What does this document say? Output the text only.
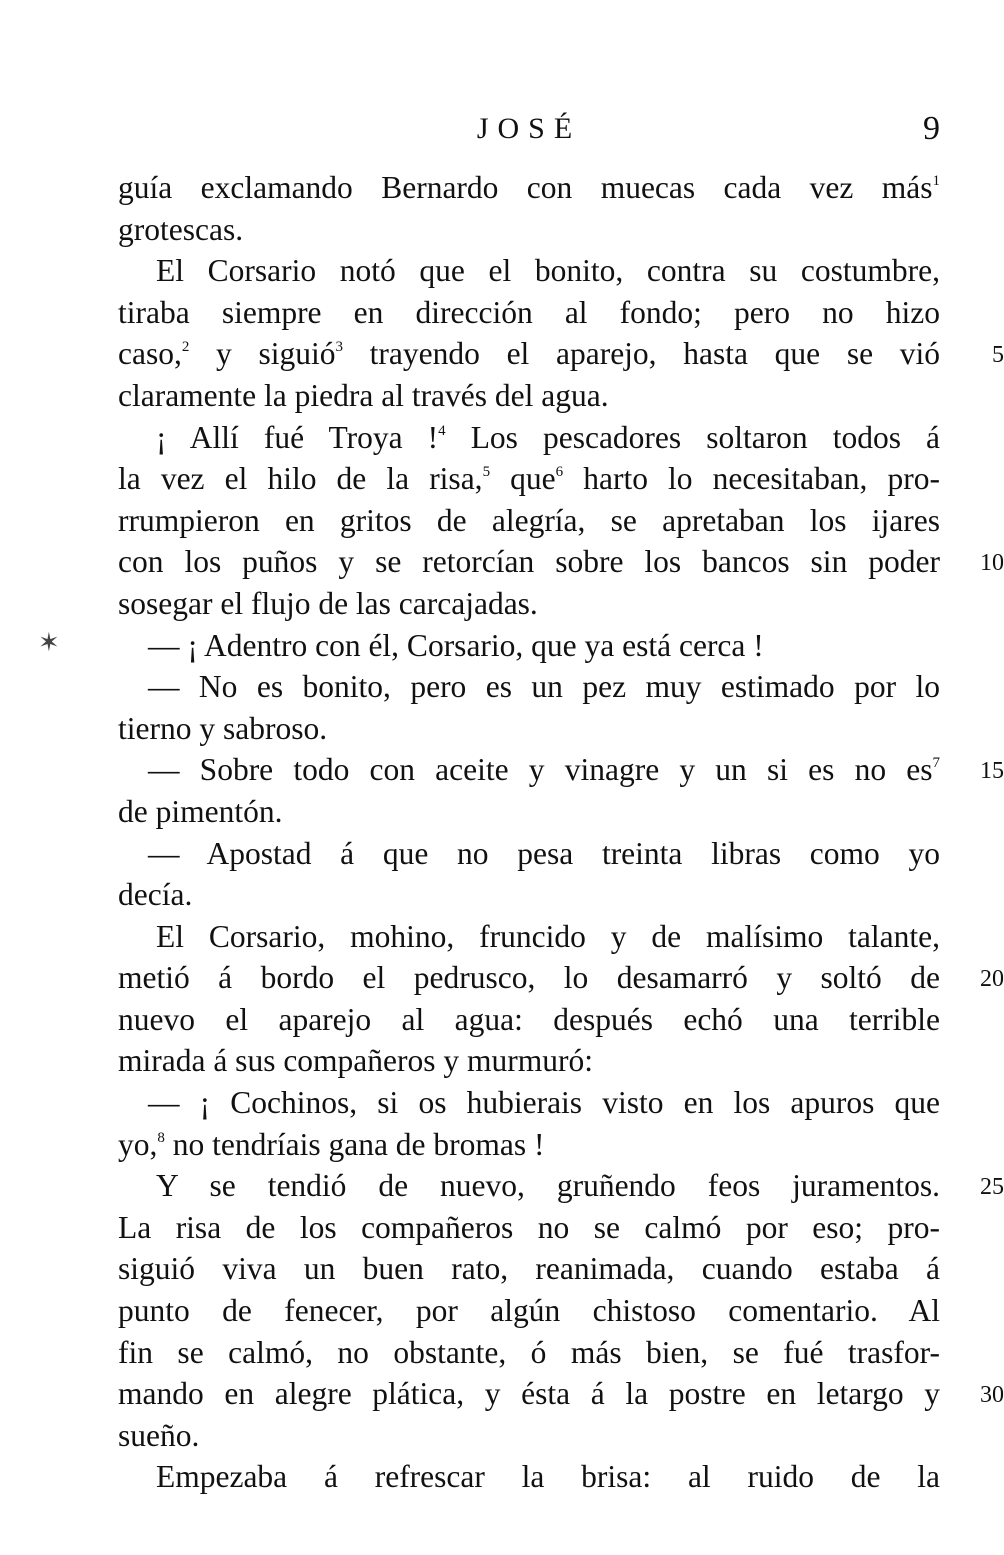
JOSÉ	9
guía exclamando Bernardo con muecas cada vez más$^1$
grotescas.
El Corsario notó que el bonito, contra su costumbre,
tiraba siempre en dirección al fondo; pero no hizo
caso,$^2$ y siguió$^3$ trayendo el aparejo, hasta que se vió	5
claramente la piedra al través del agua.
¡ Allí fué Troya !$^4$ Los pescadores soltaron todos á
la vez el hilo de la risa,$^5$ que$^6$ harto lo necesitaban, pro-
rrumpieron en gritos de alegría, se apretaban los ijares
con los puños y se retorcían sobre los bancos sin poder	10
sosegar el flujo de las carcajadas.
— ¡ Adentro con él, Corsario, que ya está cerca !
— No es bonito, pero es un pez muy estimado por lo
tierno y sabroso.
— Sobre todo con aceite y vinagre y un si es no $es^7$	15
de pimentón.
— Apostad á que no pesa treinta libras como yo
decía.
El Corsario, mohino, fruncido y de malísimo talante,
metió á bordo el pedrusco, lo desamarró y soltó de	20
nuevo el aparejo al agua: después echó una terrible
mirada á sus compañeros y murmuró:
— ¡ Cochinos, si os hubierais visto en los apuros que
yo,$^8$ no tendríais gana de bromas !
Y se tendió de nuevo, gruñendo feos juramentos.	25
La risa de los compañeros no se calmó por eso; pro-
siguió viva un buen rato, reanimada, cuando estaba á
punto de fenecer, por algún chistoso comentario. Al
fin se calmó, no obstante, ó más bien, se fué trasfor-
mando en alegre plática, y ésta á la postre en letargo y	30
sueño.
Empezaba á refrescar la brisa: al ruido de la
✶
